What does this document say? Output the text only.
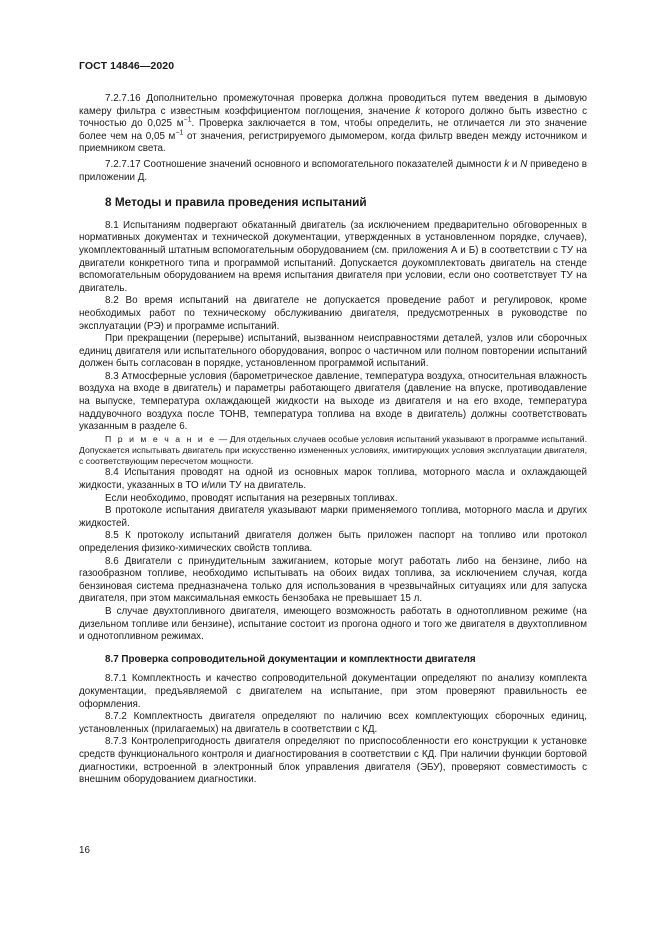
ГОСТ 14846—2020

7.2.7.16 Дополнительно промежуточная проверка должна проводиться путем введения в дымовую камеру фильтра с известным коэффициентом поглощения, значение k которого должно быть известно с точностью до 0,025 $м^{-1}$. Проверка заключается в том, чтобы определить, не отличается ли это значение более чем на 0,05 $м^{-1}$ от значения, регистрируемого дымомером, когда фильтр введен между источником и приемником света.

7.2.7.17 Соотношение значений основного и вспомогательного показателей дымности k и N приведено в приложении Д.

8 Методы и правила проведения испытаний

8.1 Испытаниям подвергают обкатанный двигатель (за исключением предварительно обговоренных в нормативных документах и технической документации, утвержденных в установленном порядке, случаев), укомплектованный штатным вспомогательным оборудованием (см. приложения А и Б) в соответствии с ТУ на двигатели конкретного типа и программой испытаний. Допускается доукомплектовать двигатель на стенде вспомогательным оборудованием на время испытания двигателя при условии, если оно соответствует ТУ на двигатель.

8.2 Во время испытаний на двигателе не допускается проведение работ и регулировок, кроме необходимых работ по техническому обслуживанию двигателя, предусмотренных в руководстве по эксплуатации (РЭ) и программе испытаний.

При прекращении (перерыве) испытаний, вызванном неисправностями деталей, узлов или сборочных единиц двигателя или испытательного оборудования, вопрос о частичном или полном повторении испытаний должен быть согласован в порядке, установленном программой испытаний.

8.3 Атмосферные условия (барометрическое давление, температура воздуха, относительная влажность воздуха на входе в двигатель) и параметры работающего двигателя (давление на впуске, противодавление на выпуске, температура охлаждающей жидкости на выходе из двигателя и на его входе, температура наддувочного воздуха после ТОНВ, температура топлива на входе в двигатель) должны соответствовать указанным в разделе 6.

П р и м е ч а н и е — Для отдельных случаев особые условия испытаний указывают в программе испытаний. Допускается испытывать двигатель при искусственно измененных условиях, имитирующих условия эксплуатации двигателя, с соответствующим пересчетом мощности.

8.4 Испытания проводят на одной из основных марок топлива, моторного масла и охлаждающей жидкости, указанных в ТО и/или ТУ на двигатель.

Если необходимо, проводят испытания на резервных топливах.

В протоколе испытания двигателя указывают марки применяемого топлива, моторного масла и других жидкостей.

8.5 К протоколу испытаний двигателя должен быть приложен паспорт на топливо или протокол определения физико-химических свойств топлива.

8.6 Двигатели с принудительным зажиганием, которые могут работать либо на бензине, либо на газообразном топливе, необходимо испытывать на обоих видах топлива, за исключением случая, когда бензиновая система предназначена только для использования в чрезвычайных ситуациях или для запуска двигателя, при этом максимальная емкость бензобака не превышает 15 л.

В случае двухтопливного двигателя, имеющего возможность работать в однотопливном режиме (на дизельном топливе или бензине), испытание состоит из прогона одного и того же двигателя в двухтопливном и однотопливном режимах.

8.7 Проверка сопроводительной документации и комплектности двигателя

8.7.1 Комплектность и качество сопроводительной документации определяют по анализу комплекта документации, предъявляемой с двигателем на испытание, при этом проверяют правильность ее оформления.

8.7.2 Комплектность двигателя определяют по наличию всех комплектующих сборочных единиц, установленных (прилагаемых) на двигатель в соответствии с КД.

8.7.3 Контролепригодность двигателя определяют по приспособленности его конструкции к установке средств функционального контроля и диагностирования в соответствии с КД. При наличии функции бортовой диагностики, встроенной в электронный блок управления двигателя (ЭБУ), проверяют совместимость с внешним оборудованием диагностики.

16
